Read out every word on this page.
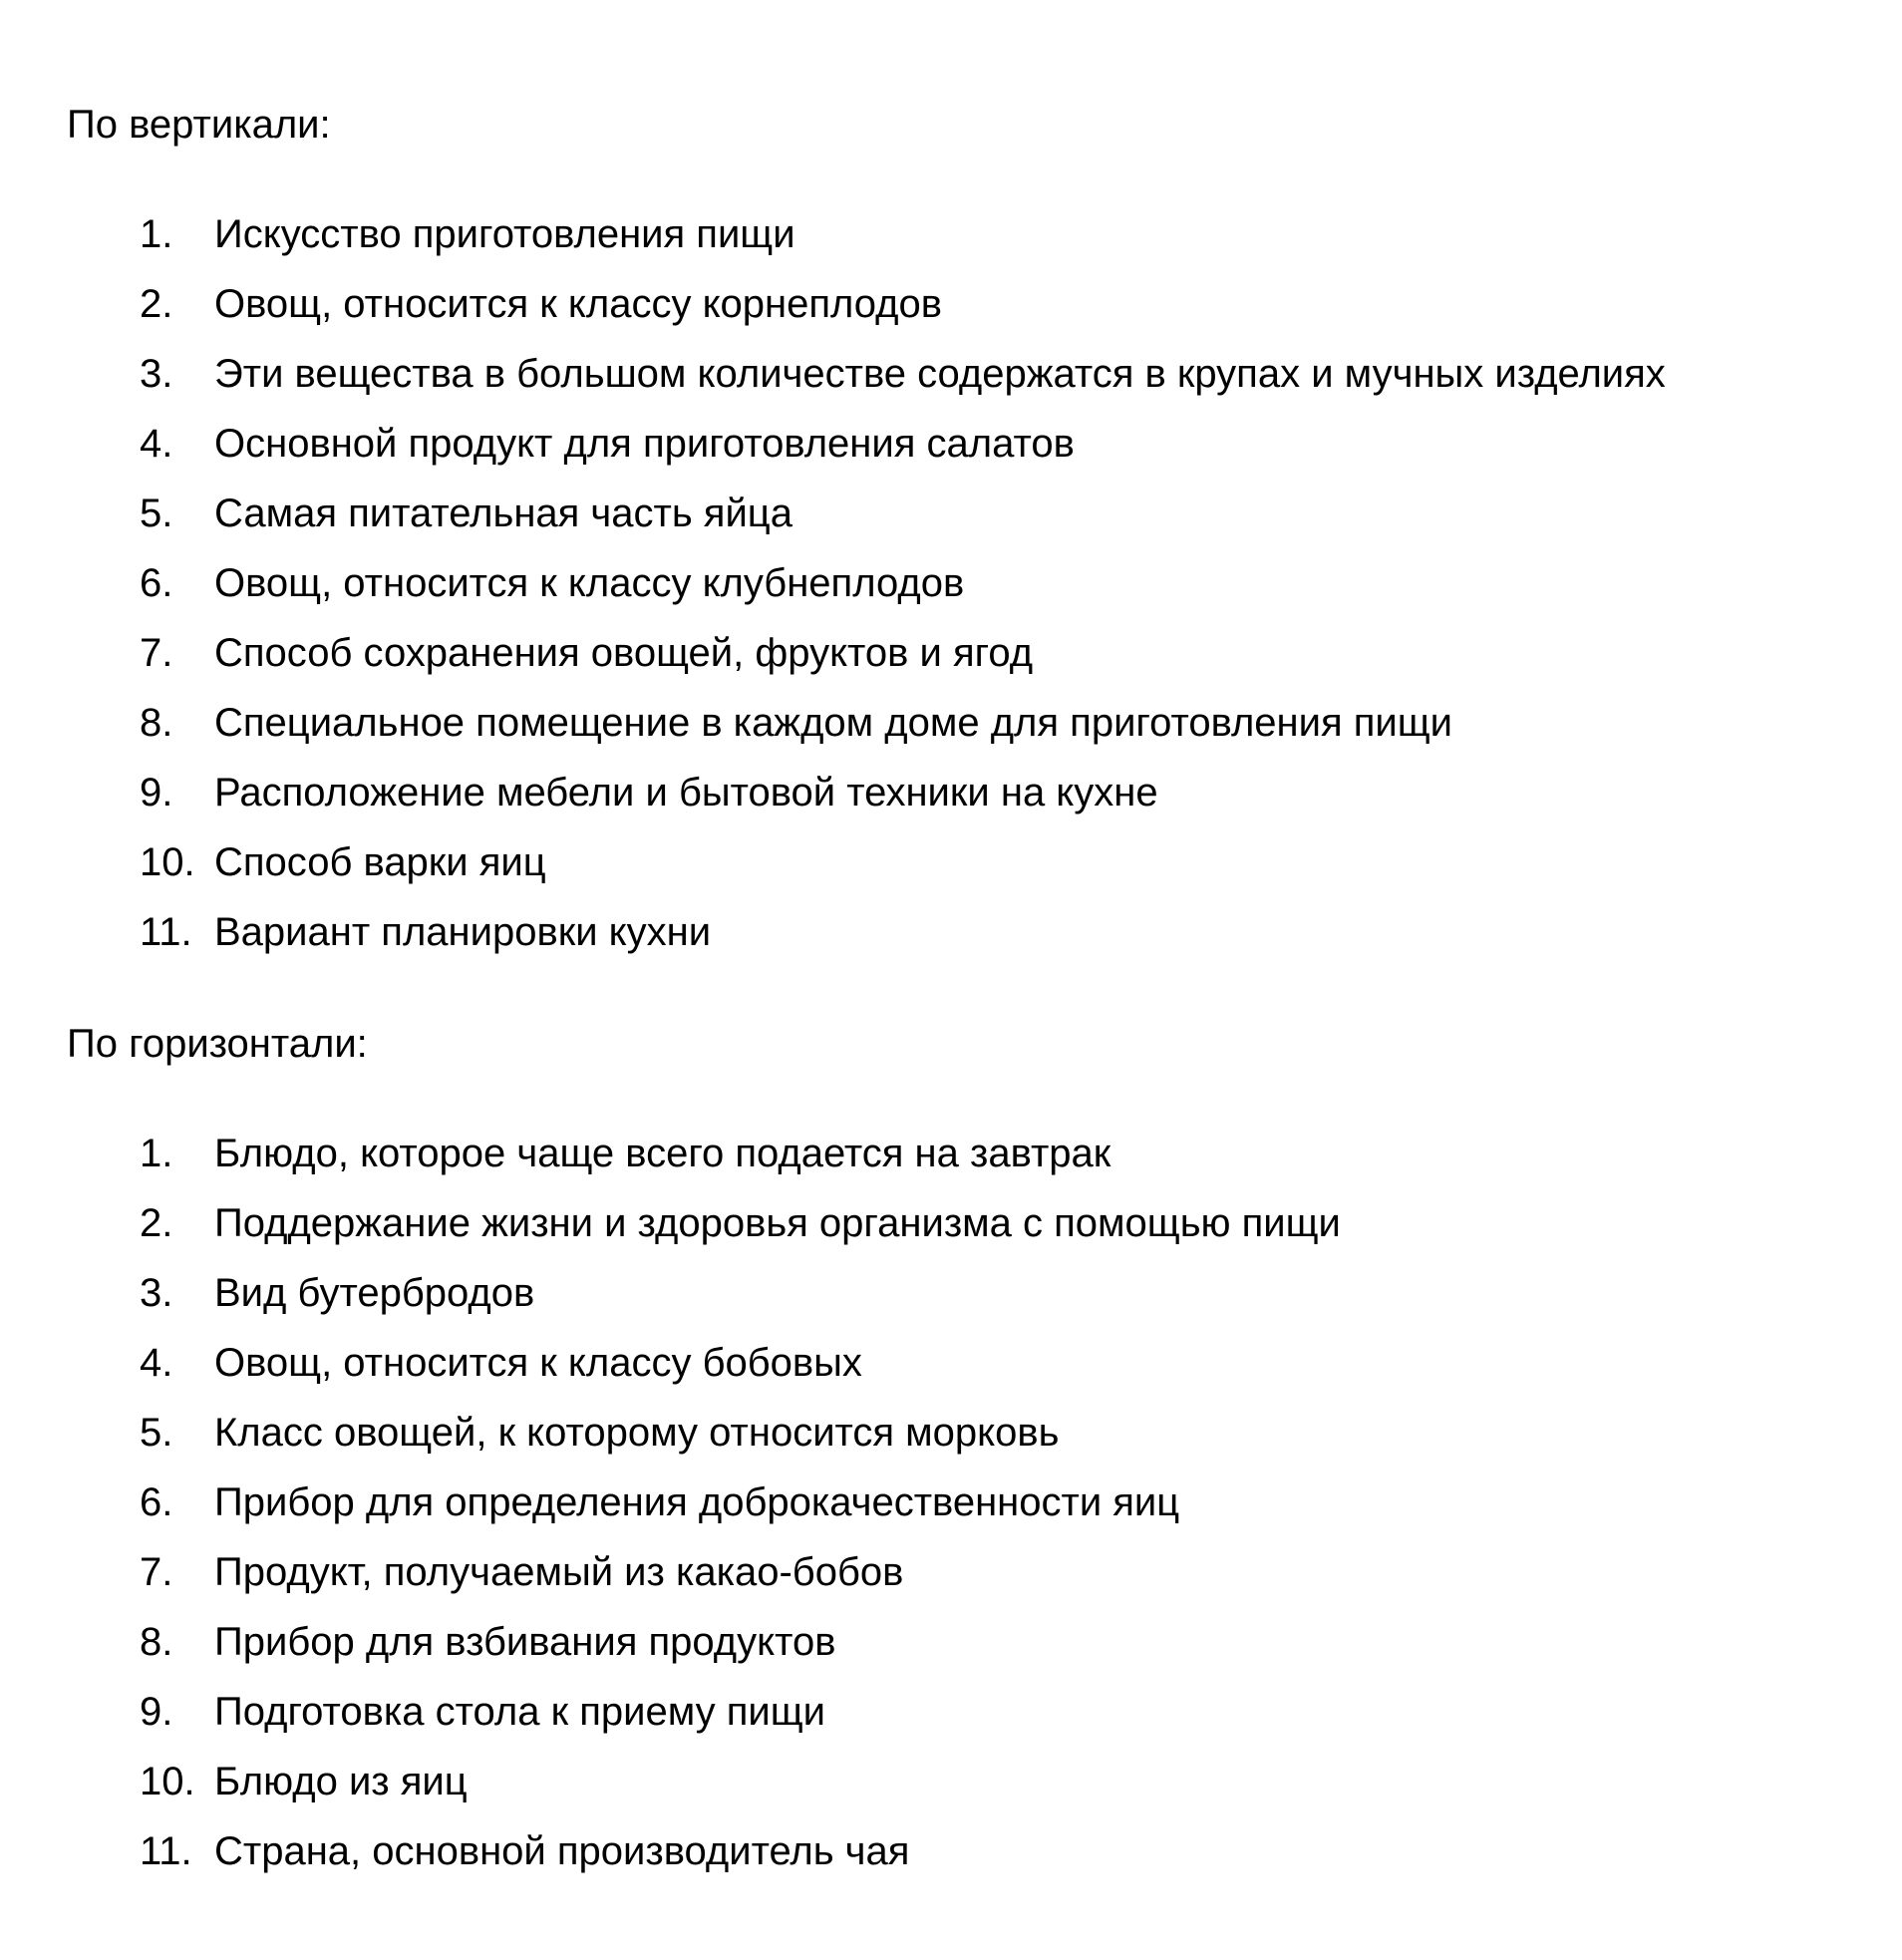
По вертикали:
1. Искусство приготовления пищи
2. Овощ, относится к классу корнеплодов
3. Эти вещества в большом количестве содержатся в крупах и мучных изделиях
4. Основной продукт для приготовления салатов
5. Самая питательная часть яйца
6. Овощ, относится к классу клубнеплодов
7. Способ сохранения овощей, фруктов и ягод
8. Специальное помещение в каждом доме для приготовления пищи
9. Расположение мебели и бытовой техники на кухне
10. Способ варки яиц
11. Вариант планировки кухни
По горизонтали:
1. Блюдо, которое чаще всего подается на завтрак
2. Поддержание жизни и здоровья организма с помощью пищи
3. Вид бутербродов
4. Овощ, относится к классу бобовых
5. Класс овощей, к которому относится морковь
6. Прибор для определения доброкачественности яиц
7. Продукт, получаемый из какао-бобов
8. Прибор для взбивания продуктов
9. Подготовка стола к приему пищи
10. Блюдо из яиц
11. Страна, основной производитель чая
